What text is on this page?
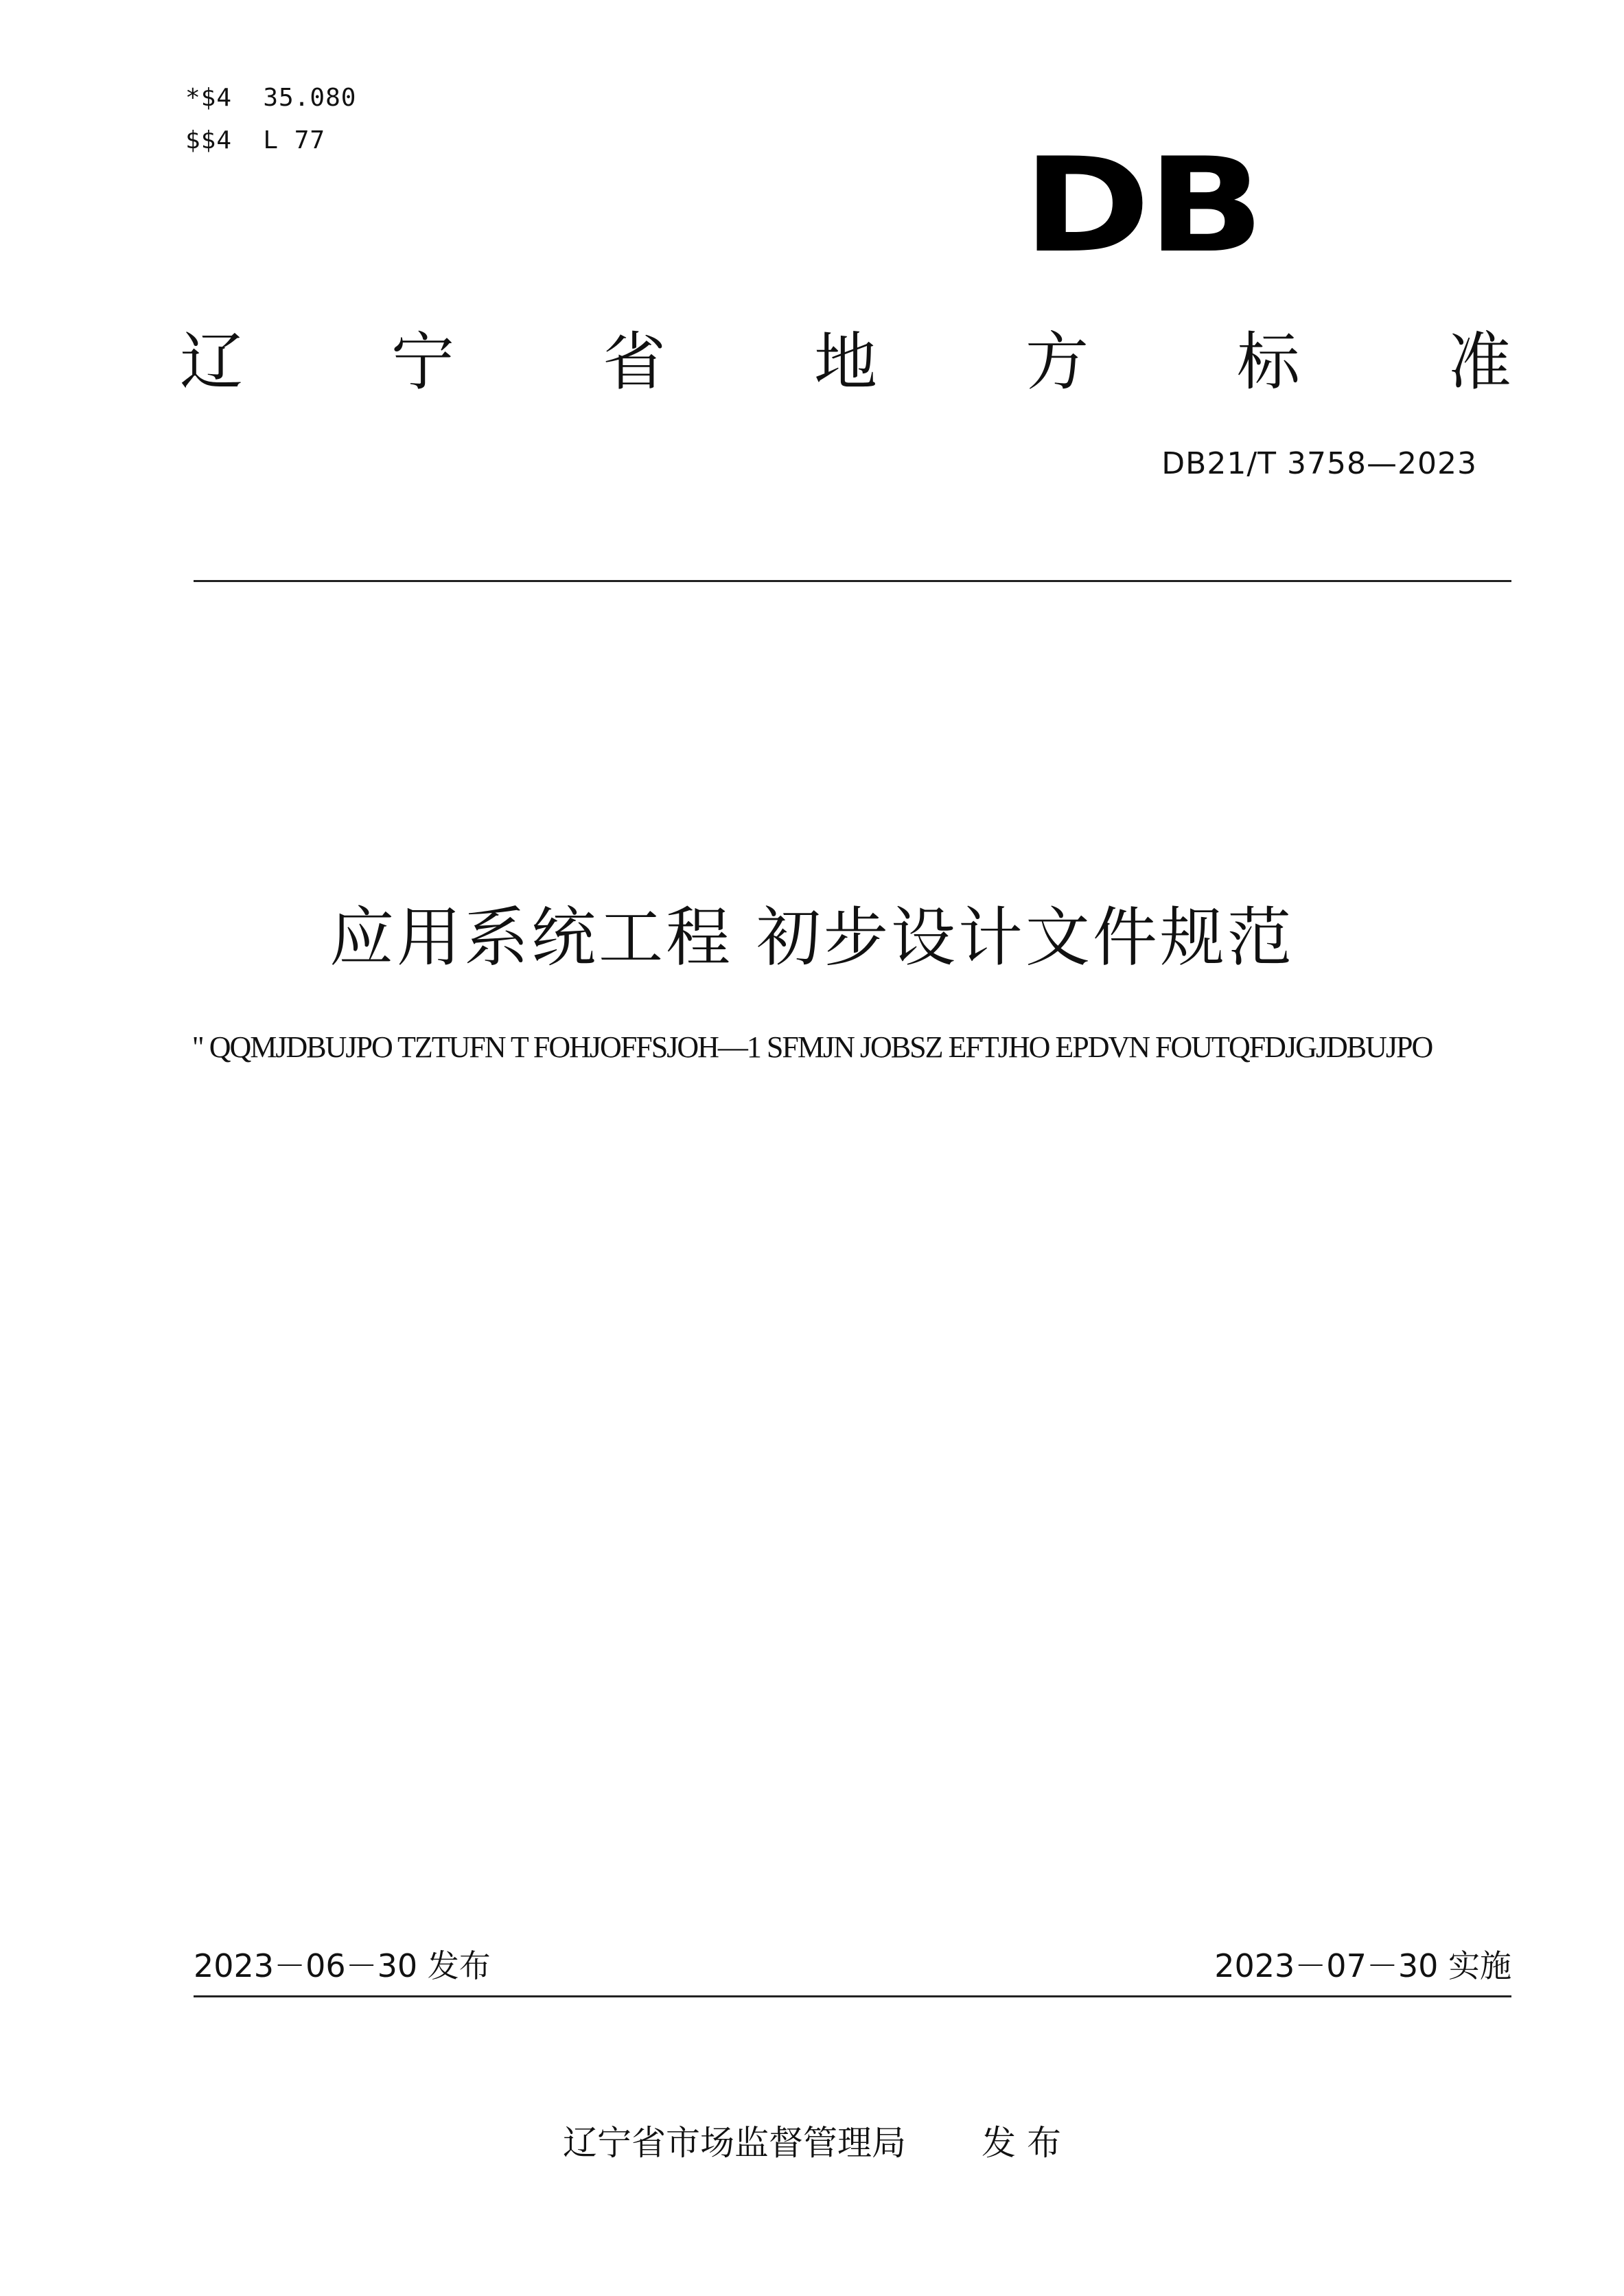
*$4  35.080
$$4  L 77	DB
辽 宁 省 地 方 标 准
DB21/T 3758—2023
应用系统工程 初步设计文件规范
" QQMJDBUJPO TZTUFN T FOHJOFFSJOH—1 SFMJN JOBSZ EFTJHO EPDVN FOUTQFDJGJDBUJPO
2023－06－30 发布	2023－07－30 实施
辽宁省市场监督管理局 发 布
